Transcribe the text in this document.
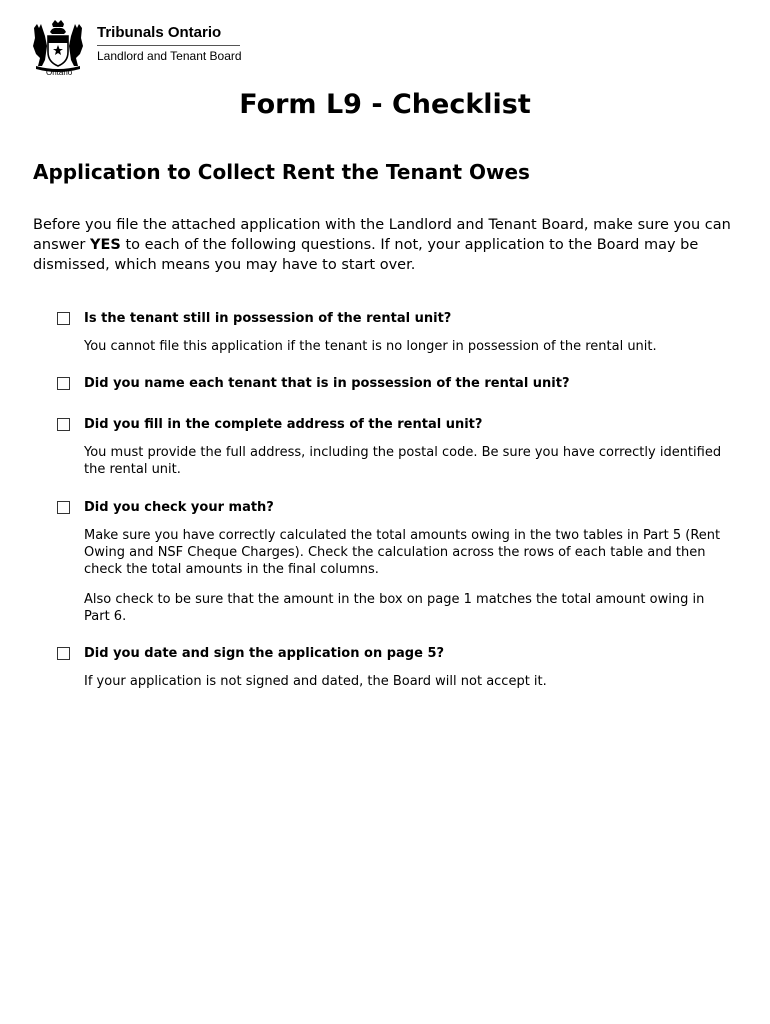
Ontario
Tribunals Ontario
Landlord and Tenant Board
Form L9 - Checklist
Application to Collect Rent the Tenant Owes

Before you file the attached application with the Landlord and Tenant Board, make sure you can answer YES to each of the following questions. If not, your application to the Board may be dismissed, which means you may have to start over.

Is the tenant still in possession of the rental unit?

You cannot file this application if the tenant is no longer in possession of the rental unit.

Did you name each tenant that is in possession of the rental unit?
Did you fill in the complete address of the rental unit?

You must provide the full address, including the postal code. Be sure you have correctly identified the rental unit.

Did you check your math?

Make sure you have correctly calculated the total amounts owing in the two tables in Part 5 (Rent Owing and NSF Cheque Charges). Check the calculation across the rows of each table and then check the total amounts in the final columns.

Also check to be sure that the amount in the box on page 1 matches the total amount owing in Part 6.

Did you date and sign the application on page 5?

If your application is not signed and dated, the Board will not accept it.
